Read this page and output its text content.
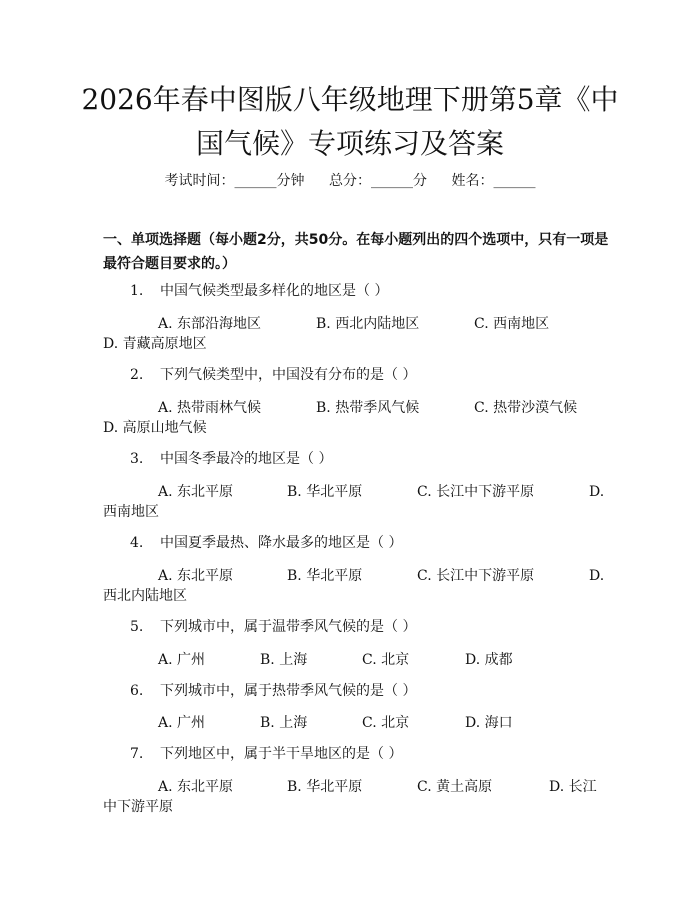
2026年春中图版八年级地理下册第5章《中国气候》专项练习及答案
考试时间：______分钟 总分：______分 姓名：______
一、单项选择题（每小题2分，共50分。在每小题列出的四个选项中，只有一项是最符合题目要求的。）
1. 中国气候类型最多样化的地区是（ ）
A. 东部沿海地区	B. 西北内陆地区	C. 西南地区
D. 青藏高原地区
2. 下列气候类型中，中国没有分布的是（ ）
A. 热带雨林气候	B. 热带季风气候	C. 热带沙漠气候
D. 高原山地气候
3. 中国冬季最冷的地区是（ ）
A. 东北平原	B. 华北平原	C. 长江中下游平原	D.
西南地区
4. 中国夏季最热、降水最多的地区是（ ）
A. 东北平原	B. 华北平原	C. 长江中下游平原	D.
西北内陆地区
5. 下列城市中，属于温带季风气候的是（ ）
A. 广州	B. 上海	C. 北京	D. 成都
6. 下列城市中，属于热带季风气候的是（ ）
A. 广州	B. 上海	C. 北京	D. 海口
7. 下列地区中，属于半干旱地区的是（ ）
A. 东北平原	B. 华北平原	C. 黄土高原	D. 长江
中下游平原
